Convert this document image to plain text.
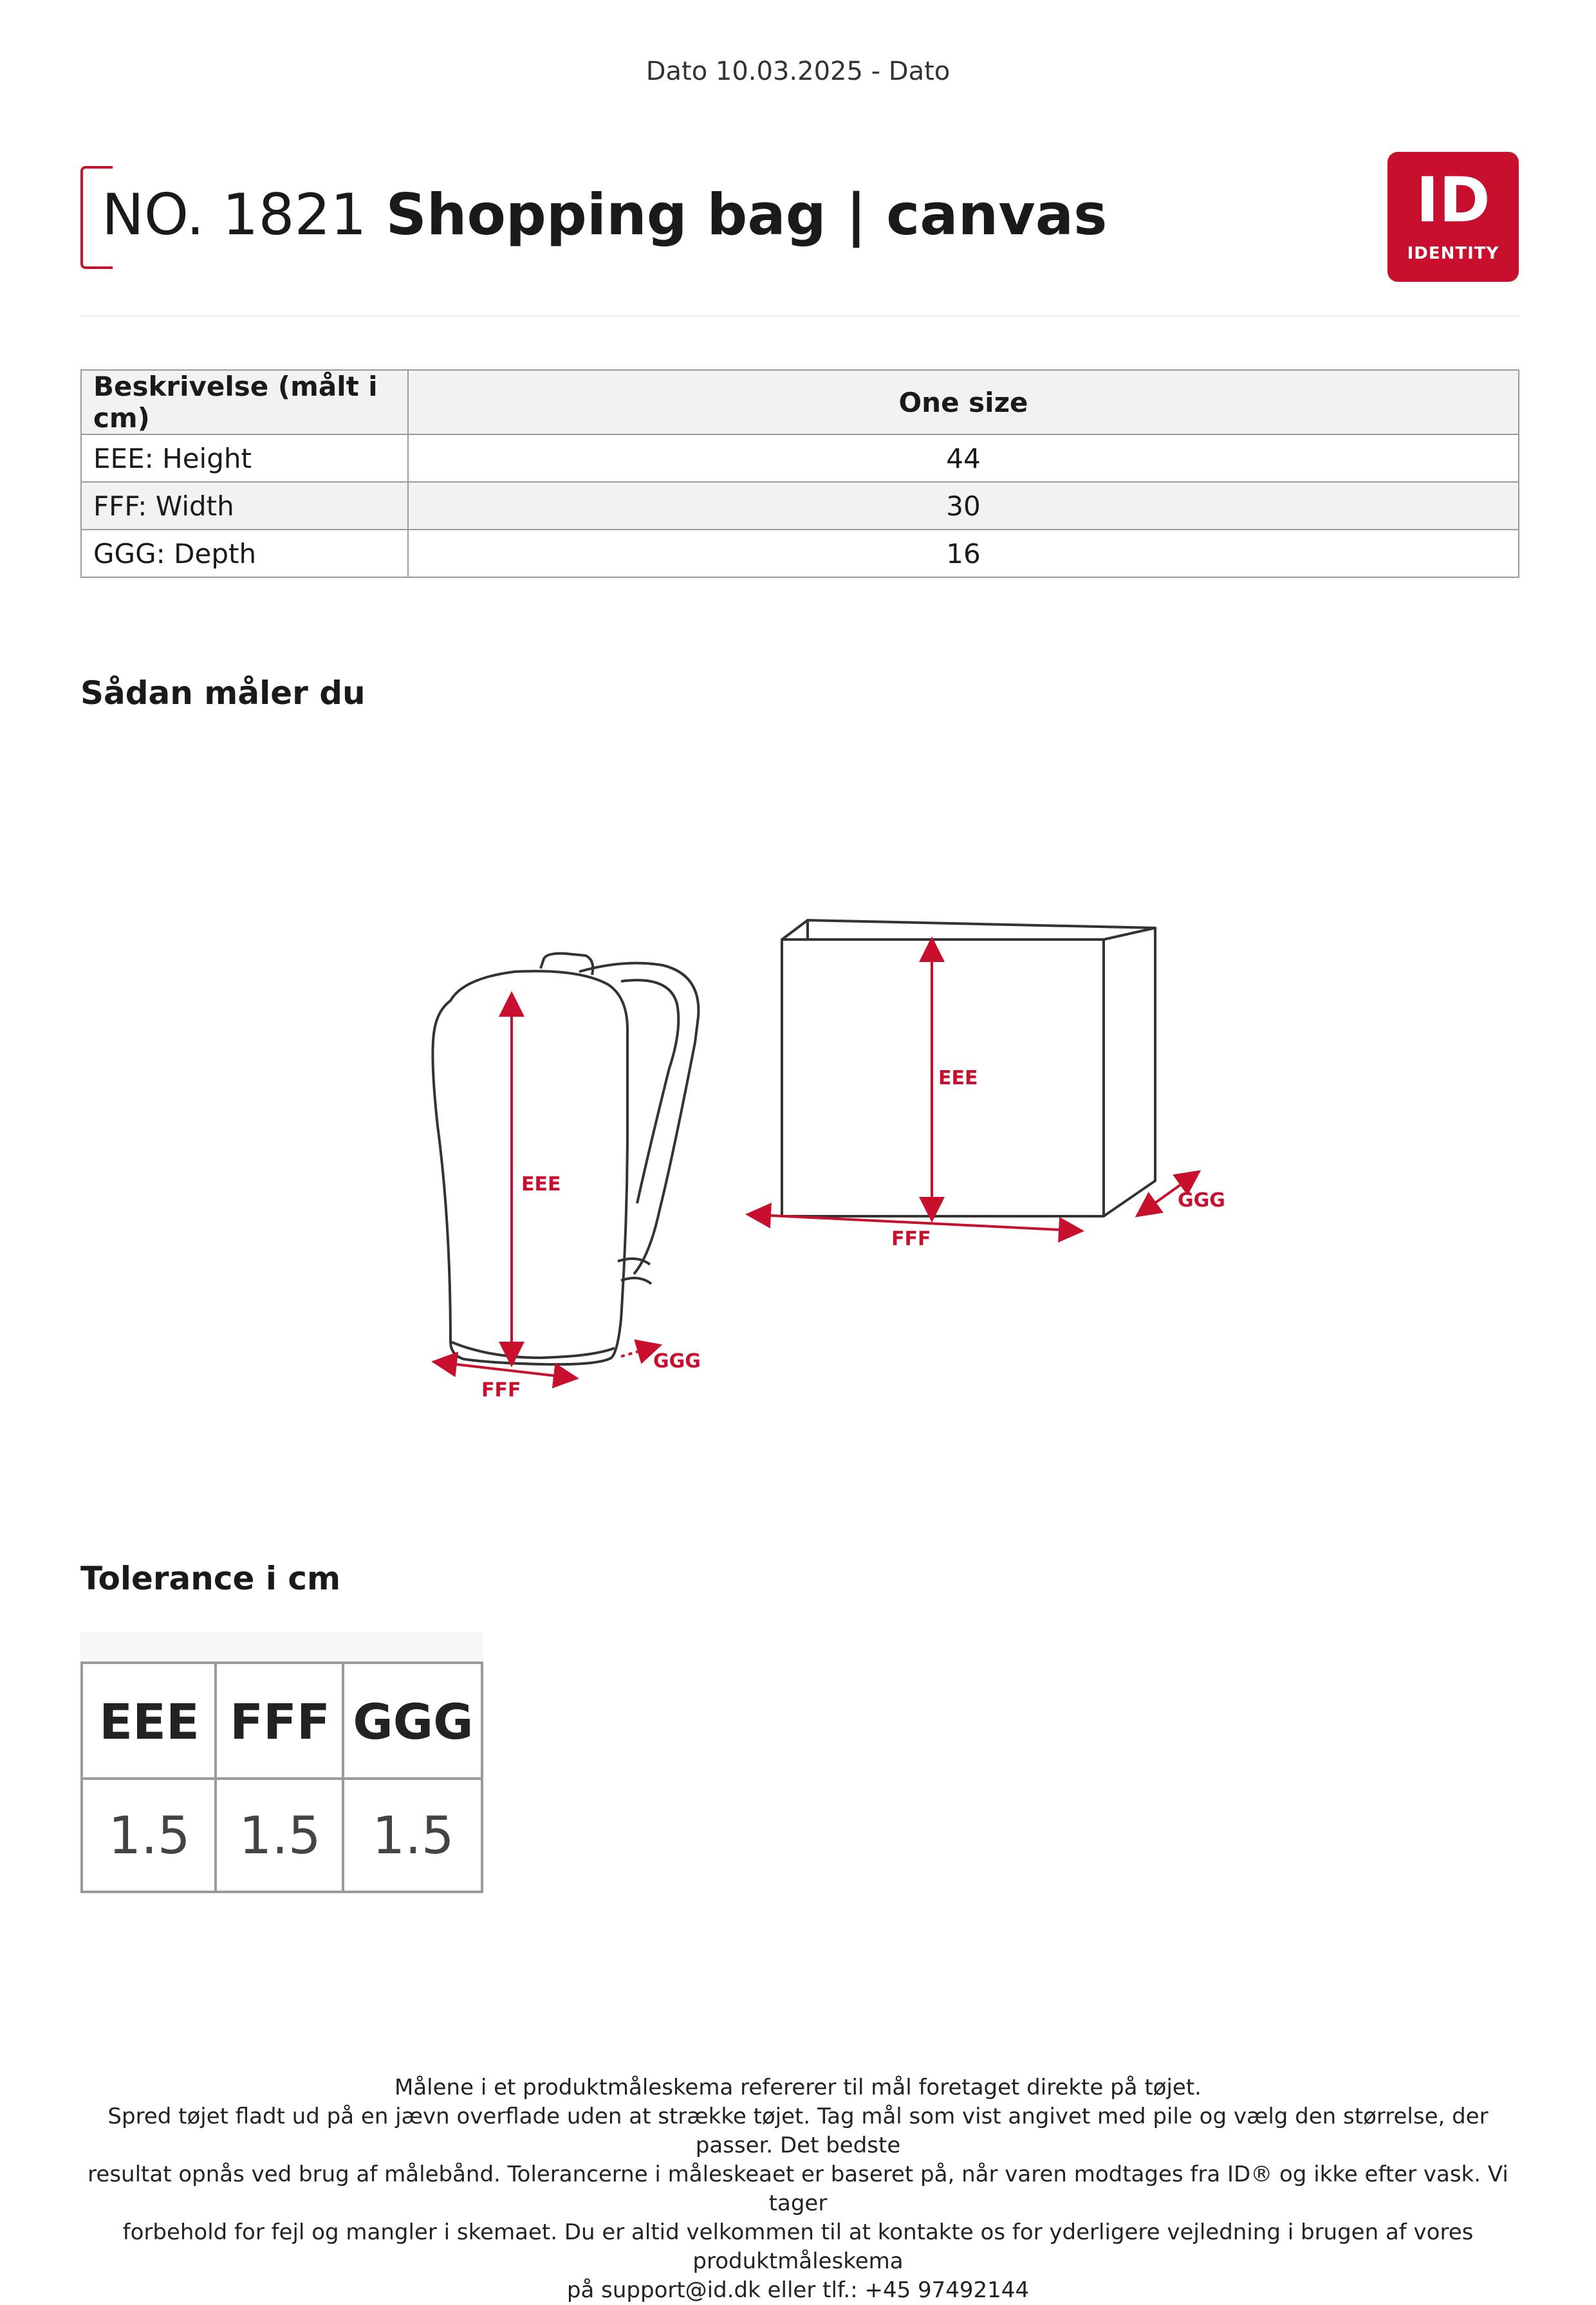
Dato 10.03.2025 - Dato
NO. 1821 Shopping bag | canvas	ID
IDENTITY
Beskrivelse (målt i cm)	One size
EEE: Height	44
FFF: Width	30
GGG: Depth	16
Sådan måler du
EEE
FFF
GGG
EEE
FFF
GGG
Tolerance i cm
EEE FFF GGG
1.5 1.5 1.5

Målene i et produktmåleskema refererer til mål foretaget direkte på tøjet.

Spred tøjet fladt ud på en jævn overflade uden at strække tøjet. Tag mål som vist angivet med pile og vælg den størrelse, der passer. Det bedste

resultat opnås ved brug af målebånd. Tolerancerne i måleskeaet er baseret på, når varen modtages fra ID® og ikke efter vask. Vi tager

forbehold for fejl og mangler i skemaet. Du er altid velkommen til at kontakte os for yderligere vejledning i brugen af vores produktmåleskema

på support@id.dk eller tlf.: +45 97492144
